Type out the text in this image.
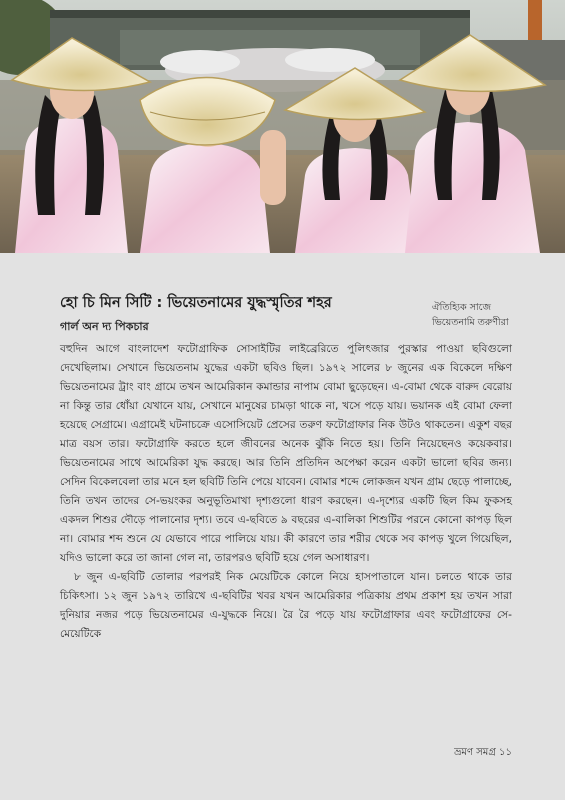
ঐতিহ্যিক সাজে
ভিয়েতনামি তরুণীরা
হো চি মিন সিটি : ভিয়েতনামের যুদ্ধস্মৃতির শহর
গার্ল অন দ্য পিকচার

বহুদিন আগে বাংলাদেশ ফটোগ্রাফিক সোসাইটির লাইব্রেরিতে পুলিৎজার পুরস্কার পাওয়া ছবিগুলো দেখেছিলাম। সেখানে ভিয়েতনাম যুদ্ধের একটা ছবিও ছিল। ১৯৭২ সালের ৮ জুনের এক বিকেলে দক্ষিণ ভিয়েতনামের ট্রাং বাং গ্রামে তখন আমেরিকান কমান্ডার নাপাম বোমা ছুড়েছেন। এ-বোমা থেকে বারুদ বেরোয় না কিন্তু তার ধোঁয়া যেখানে যায়, সেখানে মানুষের চামড়া থাকে না, খসে পড়ে যায়। ভয়ানক এই বোমা ফেলা হয়েছে সেগ্রামে। এগ্রামেই ঘটনাচক্রে এসোসিয়েট প্রেসের তরুণ ফটোগ্রাফার নিক উটও থাকতেন। একুশ বছর মাত্র বয়স তার। ফটোগ্রাফি করতে হলে জীবনের অনেক ঝুঁকি নিতে হয়। তিনি নিয়েছেনও কয়েকবার। ভিয়েতনামের সাথে আমেরিকা যুদ্ধ করছে। আর তিনি প্রতিদিন অপেক্ষা করেন একটা ভালো ছবির জন্য। সেদিন বিকেলবেলা তার মনে হল ছবিটি তিনি পেয়ে যাবেন। বোমার শব্দে লোকজন যখন গ্রাম ছেড়ে পালাচ্ছে, তিনি তখন তাদের সে-ভয়ংকর অনুভূতিমাখা দৃশ্যগুলো ধারণ করছেন। এ-দৃশ্যের একটি ছিল কিম ফুকসহ একদল শিশুর দৌড়ে পালানোর দৃশ্য। তবে এ-ছবিতে ৯ বছরের এ-বালিকা শিশুটির পরনে কোনো কাপড় ছিল না। বোমার শব্দ শুনে যে যেভাবে পারে পালিয়ে যায়। কী কারণে তার শরীর থেকে সব কাপড় খুলে গিয়েছিল, যদিও ভালো করে তা জানা গেল না, তারপরও ছবিটি হয়ে গেল অসাধারণ।

৮ জুন এ-ছবিটি তোলার পরপরই নিক মেয়েটিকে কোলে নিয়ে হাসপাতালে যান। চলতে থাকে তার চিকিৎসা। ১২ জুন ১৯৭২ তারিখে এ-ছবিটির খবর যখন আমেরিকার পত্রিকায় প্রথম প্রকাশ হয় তখন সারা দুনিয়ার নজর পড়ে ভিয়েতনামের এ-যুদ্ধকে নিয়ে। রৈ রৈ পড়ে যায় ফটোগ্রাফার এবং ফটোগ্রাফের সে-মেয়েটিকে

ভ্রমণ সমগ্র ১১
